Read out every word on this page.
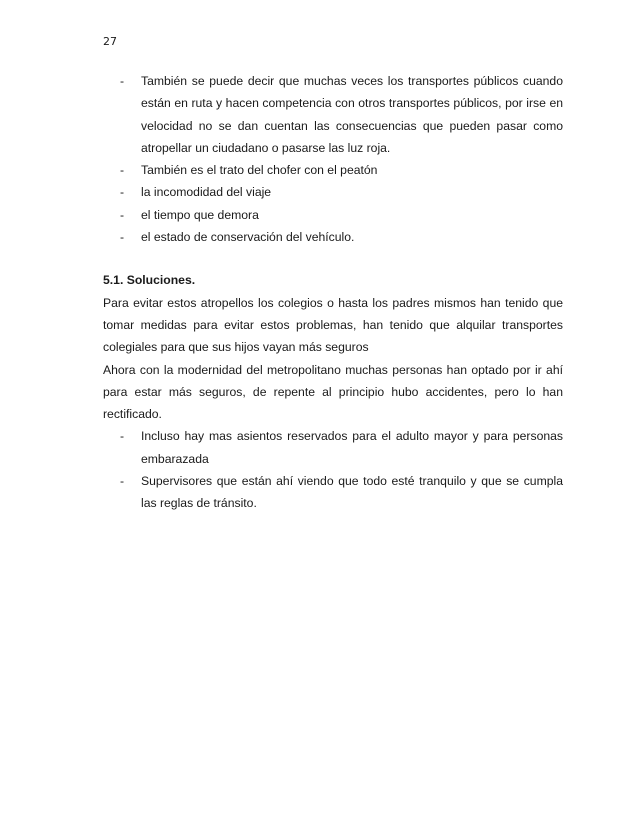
27
- También se puede decir que muchas veces los transportes públicos cuando están en ruta y hacen competencia con otros transportes públicos, por irse en velocidad no se dan cuentan las consecuencias que pueden pasar como atropellar un ciudadano o pasarse las luz roja.
- También es el trato del chofer con el peatón
- la incomodidad del viaje
- el tiempo que demora
- el estado de conservación del vehículo.
5.1. Soluciones.

Para evitar estos atropellos los colegios o hasta los padres mismos han tenido que tomar medidas para evitar estos problemas, han tenido que alquilar transportes colegiales para que sus hijos vayan más seguros

Ahora con la modernidad del metropolitano muchas personas han optado por ir ahí para estar más seguros, de repente al principio hubo accidentes, pero lo han rectificado.

- Incluso hay mas asientos reservados para el adulto mayor y para personas embarazada
- Supervisores que están ahí viendo que todo esté tranquilo y que se cumpla las reglas de tránsito.
